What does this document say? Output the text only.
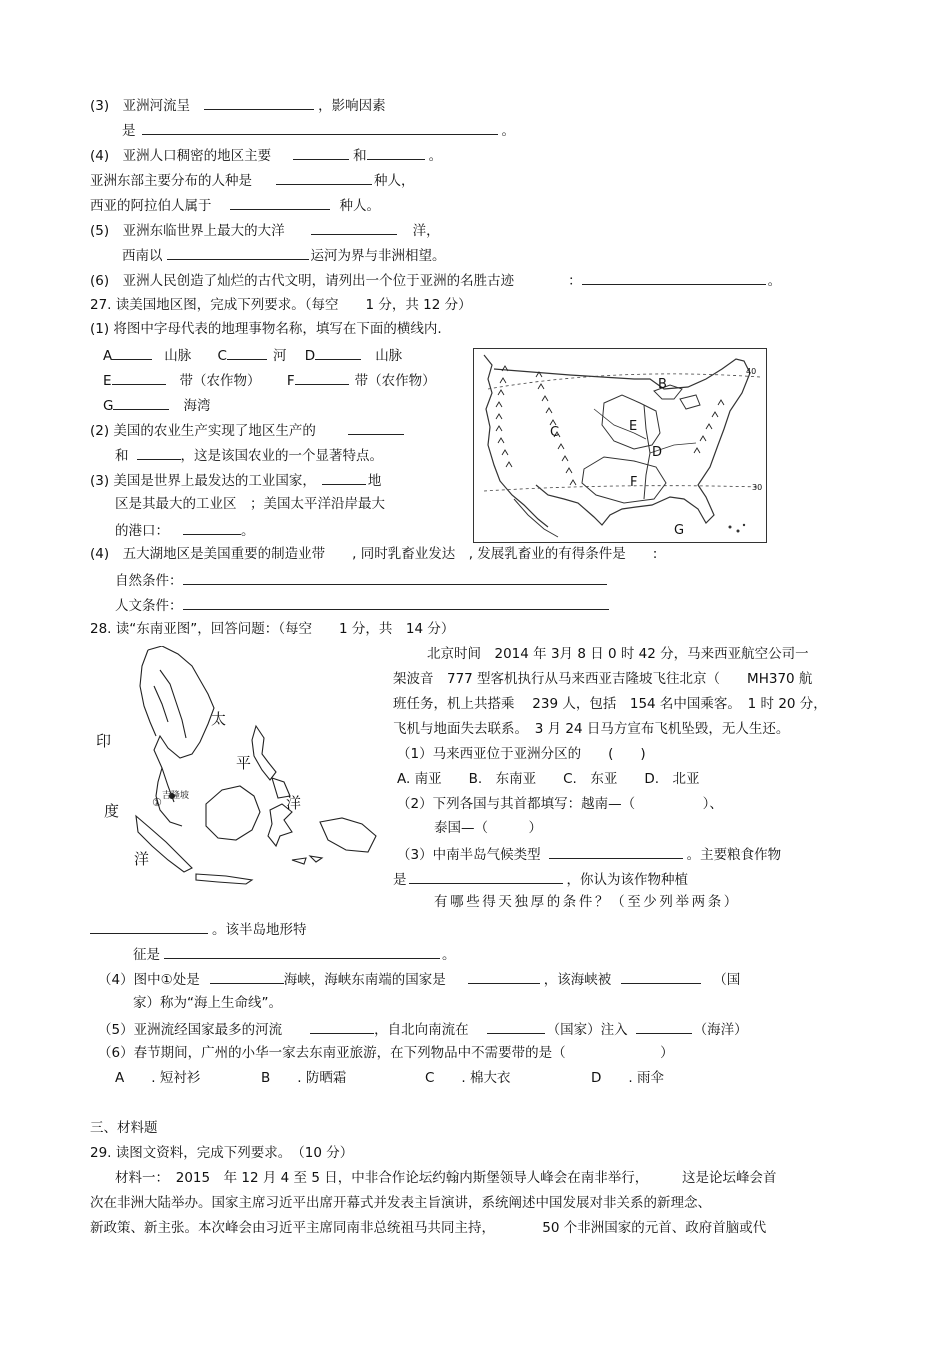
(3)　亚洲河流呈	，影响因素
是	。
(4)　亚洲人口稠密的地区主要	和	。
亚洲东部主要分布的人种是	种人，
西亚的阿拉伯人属于	种人。
(5)　亚洲东临世界上最大的大洋	洋，
西南以	运河为界与非洲相望。
(6)　亚洲人民创造了灿烂的古代文明，请列出一个位于亚洲的名胜古迹	：	。
27. 读美国地区图，完成下列要求。（每空　　1 分，共 12 分）
(1) 将图中字母代表的地理事物名称，填写在下面的横线内.
A	山脉 C	河 D	山脉
E	带（农作物） F	带（农作物）
G	海湾
(2) 美国的农业生产实现了地区生产的
和	，这是该国农业的一个显著特点。
(3) 美国是世界上最发达的工业国家，	地
区是其最大的工业区　；美国太平洋沿岸最大
的港口：	。
B
E
C
D
F
G
40
30
(4)　五大湖地区是美国重要的制造业带　　, 同时乳畜业发达　, 发展乳畜业的有得条件是　　:
自然条件：
人文条件：
28. 读“东南亚图”，回答问题：（每空　　1 分，共　14 分）
太
平
洋
印
度
洋
吉隆坡
①
北京时间　2014 年 3月 8 日 0 时 42 分，马来西亚航空公司一
架波音　777 型客机执行从马来西亚吉隆坡飞往北京（　　MH370 航
班任务，机上共搭乘　 239 人，包括　154 名中国乘客。　1 时 20 分，
飞机与地面失去联系。　3 月 24 日马方宣布飞机坠毁，无人生还。
（1）马来西亚位于亚洲分区的　　(　　)
A. 南亚　　B.　东南亚　　C.　东亚　　D.　北亚
（2）下列各国与其首都填写：越南—（　　　　　）、
泰国—（　　　）
（3）中南半岛气候类型	。主要粮食作物
是	，你认为该作物种植
有哪些得天独厚的条件？（至少列举两条）
。该半岛地形特
征是	。
（4）图中①处是	海峡，海峡东南端的国家是	，该海峡被	（国
家）称为“海上生命线”。
（5）亚洲流经国家最多的河流	，自北向南流在	（国家）注入	（海洋）
（6）春节期间，广州的小华一家去东南亚旅游，在下列物品中不需要带的是（　　　　　　　）
A　　. 短衬衫	B　　. 防晒霜	C　　. 棉大衣	D　　. 雨伞
三、材料题
29. 读图文资料，完成下列要求。　（10 分）
材料一：　2015　年 12 月 4 至 5 日，中非合作论坛约翰内斯堡领导人峰会在南非举行，　　　这是论坛峰会首
次在非洲大陆举办。国家主席习近平出席开幕式并发表主旨演讲，系统阐述中国发展对非关系的新理念、
新政策、新主张。本次峰会由习近平主席同南非总统祖马共同主持，　　　　50 个非洲国家的元首、政府首脑或代
